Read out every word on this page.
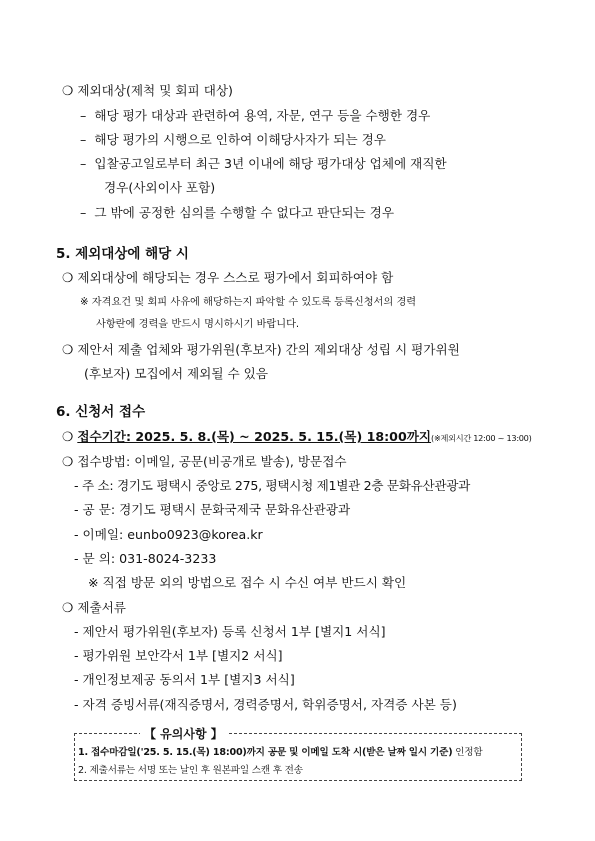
❍ 제외대상(제척 및 회피 대상)
–  해당 평가 대상과 관련하여 용역, 자문, 연구 등을 수행한 경우
–  해당 평가의 시행으로 인하여 이해당사자가 되는 경우
–  입찰공고일로부터 최근 3년 이내에 해당 평가대상 업체에 재직한
경우(사외이사 포함)
–  그 밖에 공정한 심의를 수행할 수 없다고 판단되는 경우
5. 제외대상에 해당 시
❍ 제외대상에 해당되는 경우 스스로 평가에서 회피하여야 함
※ 자격요건 및 회피 사유에 해당하는지 파악할 수 있도록 등록신청서의 경력
사항란에 경력을 반드시 명시하시기 바랍니다.
❍ 제안서 제출 업체와 평가위원(후보자) 간의 제외대상 성립 시 평가위원
(후보자) 모집에서 제외될 수 있음
6. 신청서 접수
❍ 접수기간: 2025. 5. 8.(목) ~ 2025. 5. 15.(목) 18:00까지(※제외시간 12:00 ~ 13:00)
❍ 접수방법: 이메일, 공문(비공개로 발송), 방문접수
- 주 소: 경기도 평택시 중앙로 275, 평택시청 제1별관 2층 문화유산관광과
- 공 문: 경기도 평택시 문화국제국 문화유산관광과
- 이메일: eunbo0923@korea.kr
- 문 의: 031-8024-3233
※ 직접 방문 외의 방법으로 접수 시 수신 여부 반드시 확인
❍ 제출서류
- 제안서 평가위원(후보자) 등록 신청서 1부 [별지1 서식]
- 평가위원 보안각서 1부 [별지2 서식]
- 개인정보제공 동의서 1부 [별지3 서식]
- 자격 증빙서류(재직증명서, 경력증명서, 학위증명서, 자격증 사본 등)
【 유의사항 】
1. 접수마감일('25. 5. 15.(목) 18:00)까지 공문 및 이메일 도착 시(받은 날짜 일시 기준) 인정함
2. 제출서류는 서명 또는 날인 후 원본파일 스캔 후 전송
